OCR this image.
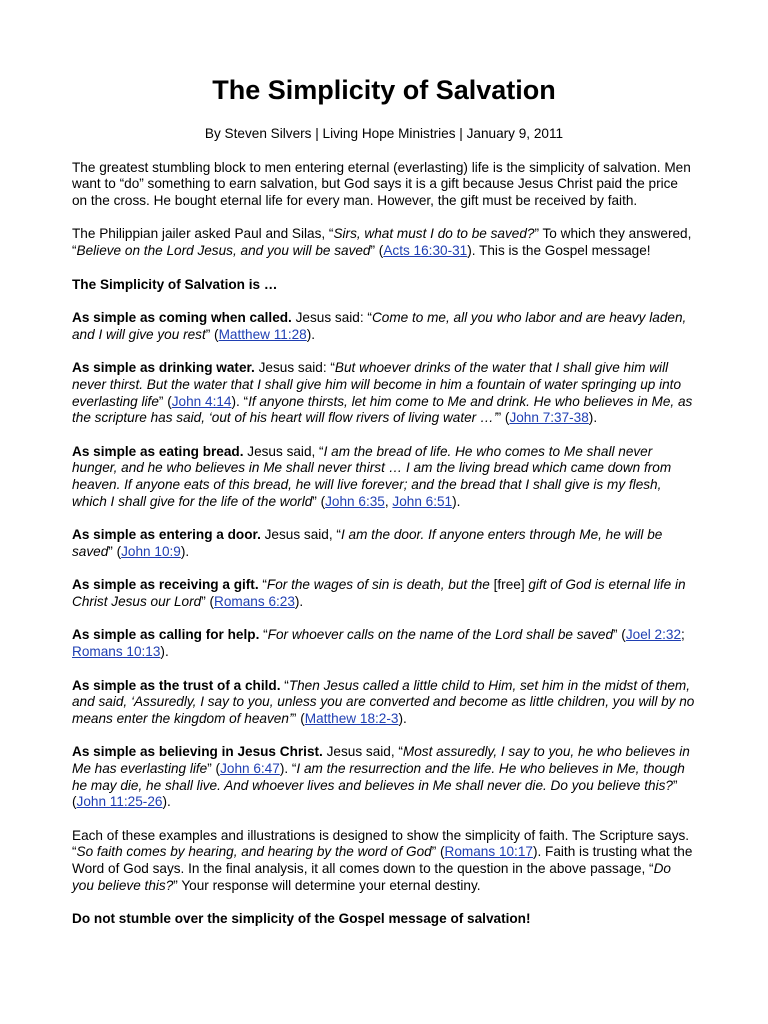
The Simplicity of Salvation

By Steven Silvers | Living Hope Ministries | January 9, 2011

The greatest stumbling block to men entering eternal (everlasting) life is the simplicity of salvation. Men want to “do” something to earn salvation, but God says it is a gift because Jesus Christ paid the price on the cross. He bought eternal life for every man. However, the gift must be received by faith.

The Philippian jailer asked Paul and Silas, “Sirs, what must I do to be saved?” To which they answered, “Believe on the Lord Jesus, and you will be saved” (Acts 16:30-31). This is the Gospel message!

The Simplicity of Salvation is …

As simple as coming when called. Jesus said: “Come to me, all you who labor and are heavy laden, and I will give you rest” (Matthew 11:28).

As simple as drinking water. Jesus said: “But whoever drinks of the water that I shall give him will never thirst. But the water that I shall give him will become in him a fountain of water springing up into everlasting life” (John 4:14). “If anyone thirsts, let him come to Me and drink. He who believes in Me, as the scripture has said, ‘out of his heart will flow rivers of living water …’” (John 7:37-38).

As simple as eating bread. Jesus said, “I am the bread of life. He who comes to Me shall never hunger, and he who believes in Me shall never thirst … I am the living bread which came down from heaven. If anyone eats of this bread, he will live forever; and the bread that I shall give is my flesh, which I shall give for the life of the world” (John 6:35, John 6:51).

As simple as entering a door. Jesus said, “I am the door. If anyone enters through Me, he will be saved” (John 10:9).

As simple as receiving a gift. “For the wages of sin is death, but the [free] gift of God is eternal life in Christ Jesus our Lord” (Romans 6:23).

As simple as calling for help. “For whoever calls on the name of the Lord shall be saved” (Joel 2:32; Romans 10:13).

As simple as the trust of a child. “Then Jesus called a little child to Him, set him in the midst of them, and said, ‘Assuredly, I say to you, unless you are converted and become as little children, you will by no means enter the kingdom of heaven’” (Matthew 18:2-3).

As simple as believing in Jesus Christ. Jesus said, “Most assuredly, I say to you, he who believes in Me has everlasting life” (John 6:47). “I am the resurrection and the life. He who believes in Me, though he may die, he shall live. And whoever lives and believes in Me shall never die. Do you believe this?” (John 11:25-26).

Each of these examples and illustrations is designed to show the simplicity of faith. The Scripture says. “So faith comes by hearing, and hearing by the word of God” (Romans 10:17). Faith is trusting what the Word of God says. In the final analysis, it all comes down to the question in the above passage, “Do you believe this?” Your response will determine your eternal destiny.

Do not stumble over the simplicity of the Gospel message of salvation!
